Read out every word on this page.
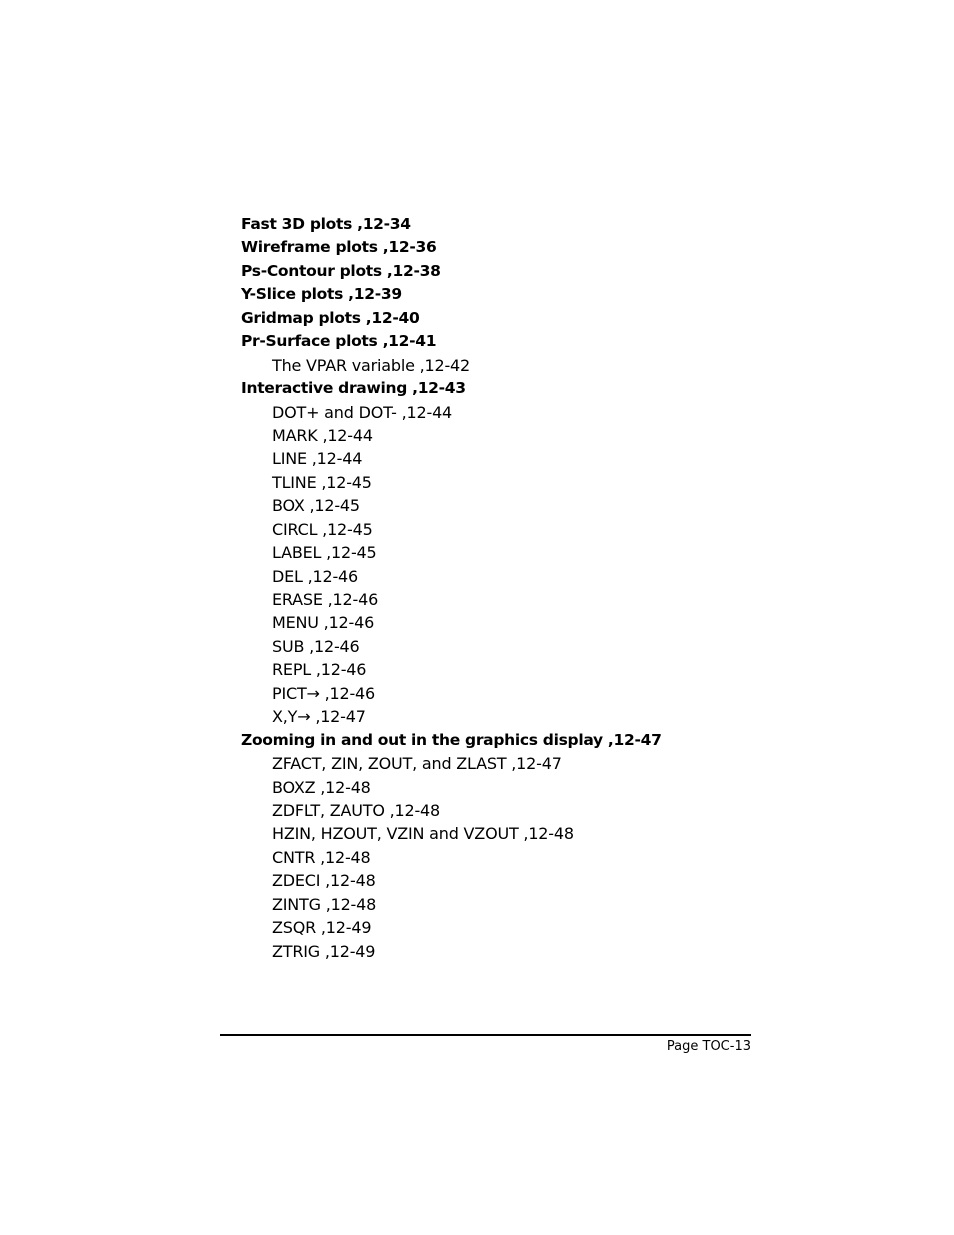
Fast 3D plots ,12-34
Wireframe plots ,12-36
Ps-Contour plots ,12-38
Y-Slice plots ,12-39
Gridmap plots ,12-40
Pr-Surface plots ,12-41
The VPAR variable ,12-42
Interactive drawing ,12-43
DOT+ and DOT- ,12-44
MARK ,12-44
LINE ,12-44
TLINE ,12-45
BOX ,12-45
CIRCL ,12-45
LABEL ,12-45
DEL ,12-46
ERASE ,12-46
MENU ,12-46
SUB ,12-46
REPL ,12-46
PICT→ ,12-46
X,Y→ ,12-47
Zooming in and out in the graphics display ,12-47
ZFACT, ZIN, ZOUT, and ZLAST ,12-47
BOXZ ,12-48
ZDFLT, ZAUTO ,12-48
HZIN, HZOUT, VZIN and VZOUT ,12-48
CNTR ,12-48
ZDECI ,12-48
ZINTG ,12-48
ZSQR ,12-49
ZTRIG ,12-49
Page TOC-13
